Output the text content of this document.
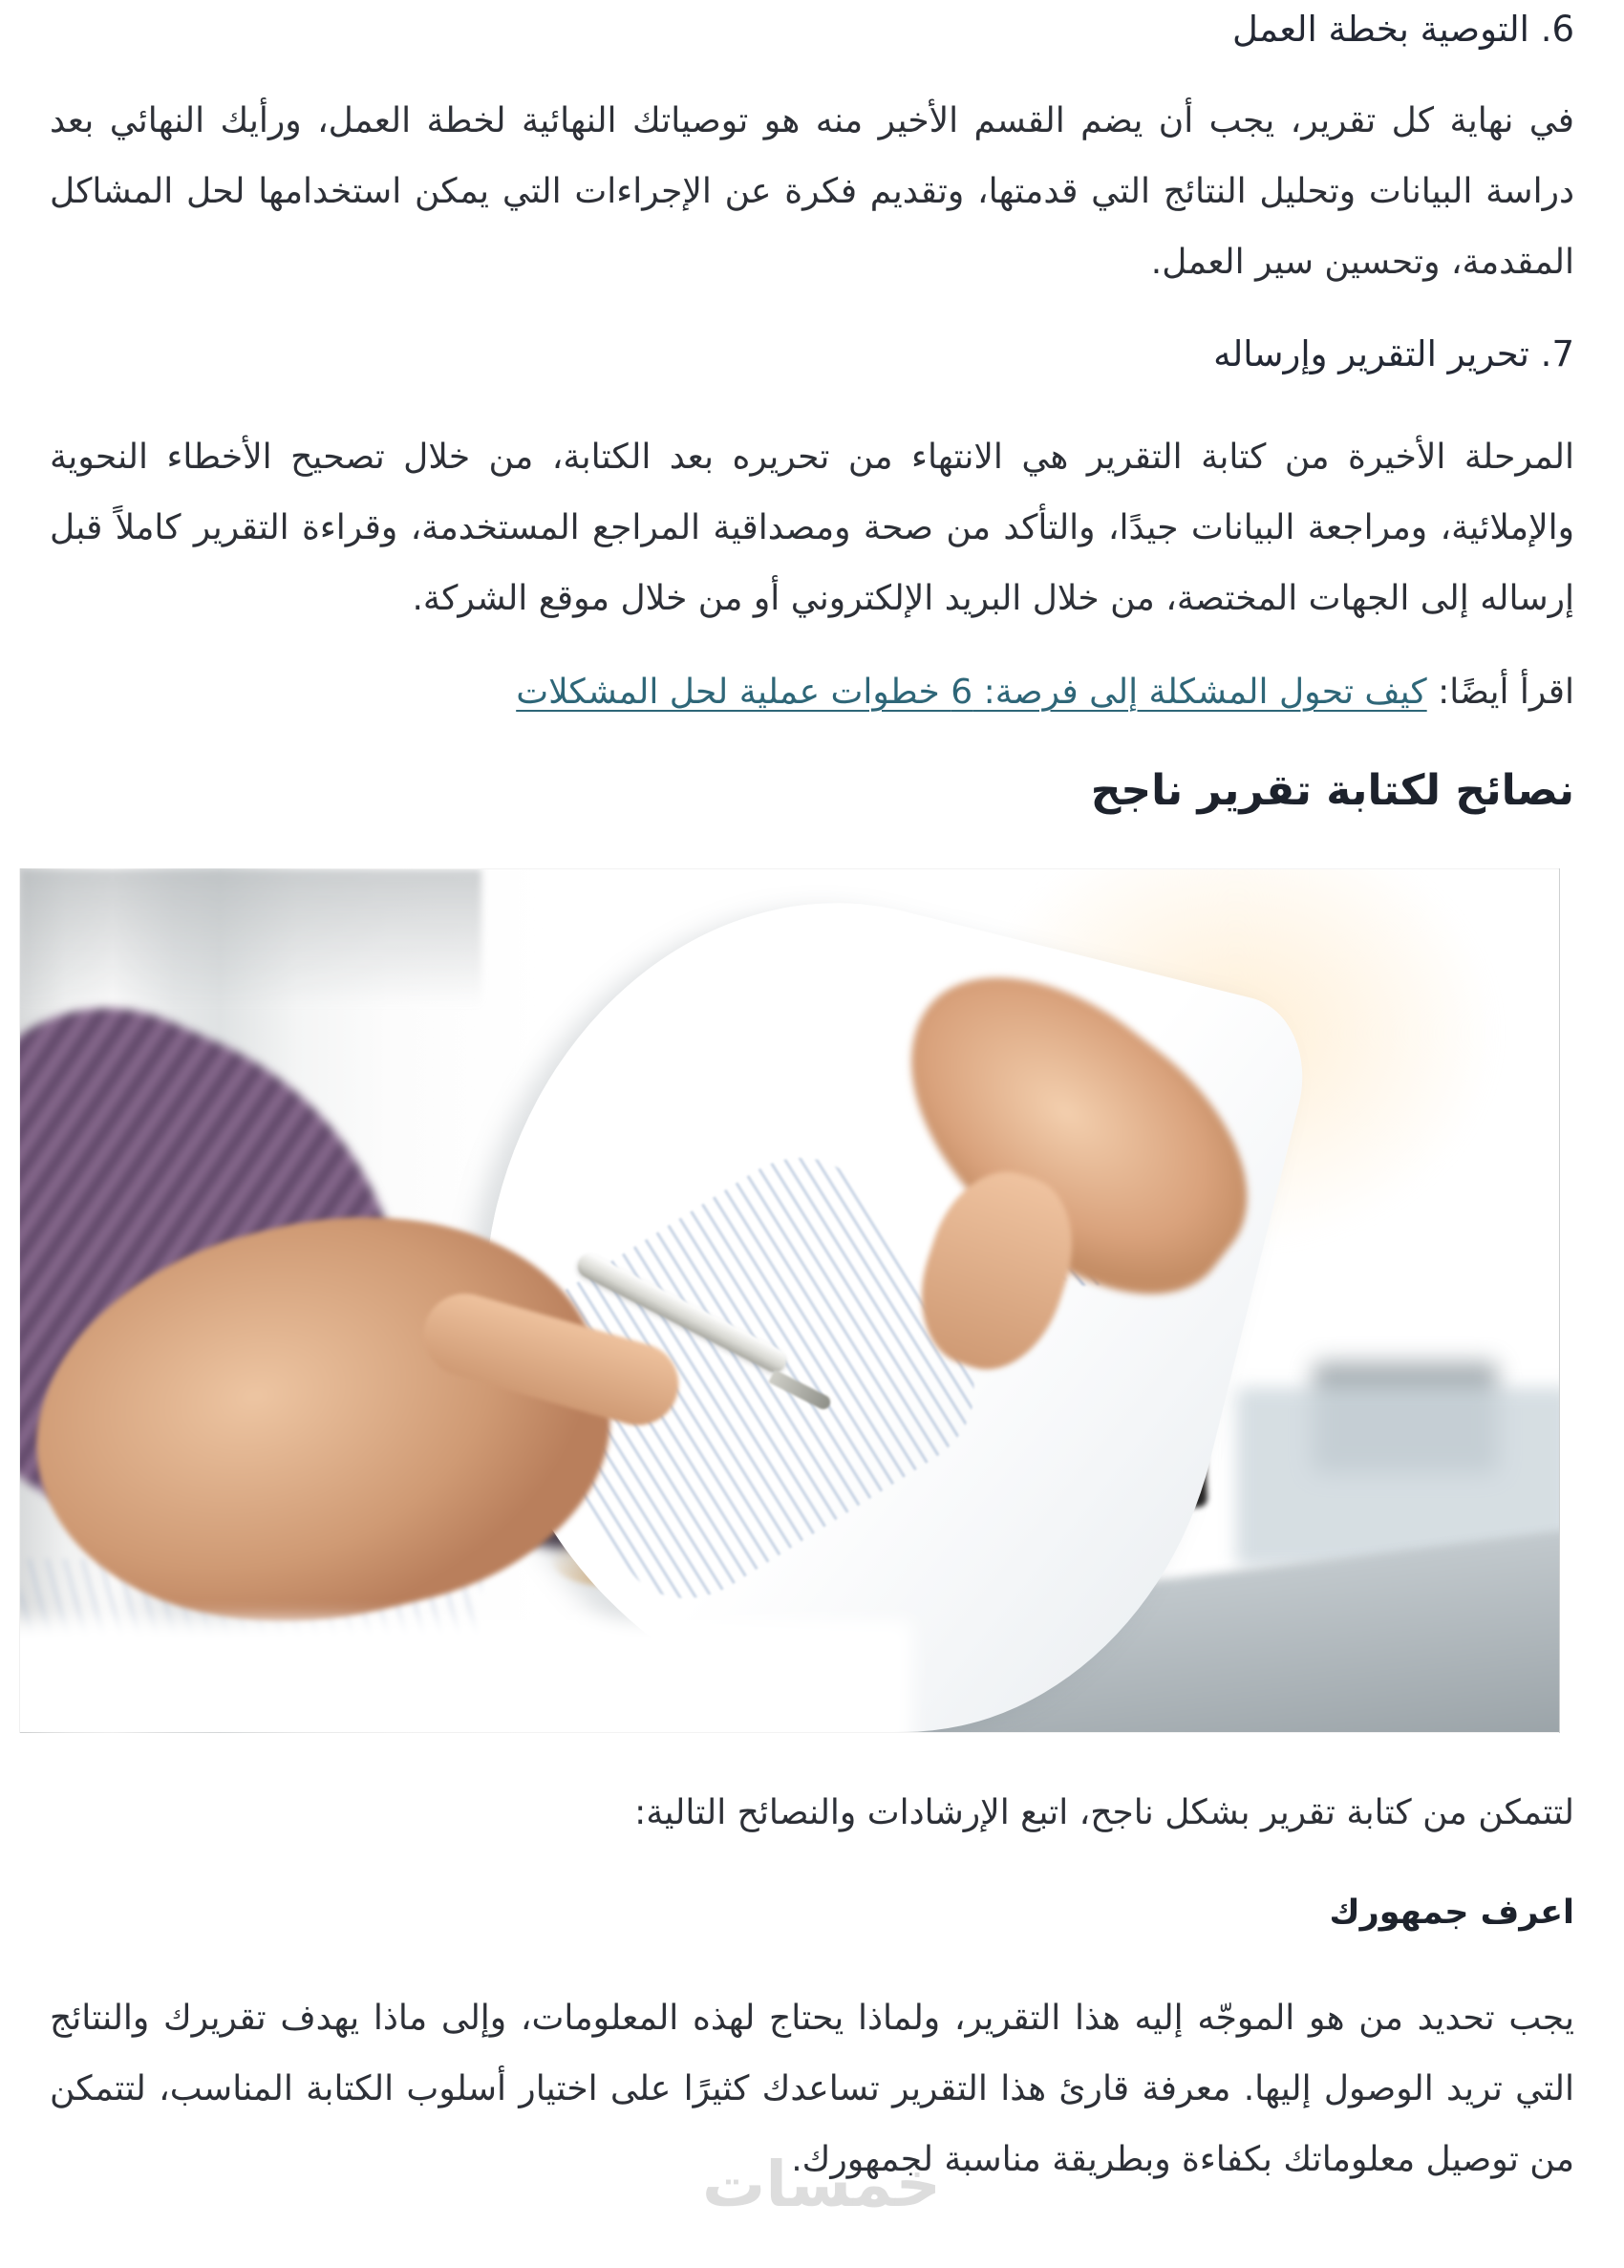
6. التوصية بخطة العمل

في نهاية كل تقرير، يجب أن يضم القسم الأخير منه هو توصياتك النهائية لخطة العمل، ورأيك النهائي بعد دراسة البيانات وتحليل النتائج التي قدمتها، وتقديم فكرة عن الإجراءات التي يمكن استخدامها لحل المشاكل المقدمة، وتحسين سير العمل.

7. تحرير التقرير وإرساله

المرحلة الأخيرة من كتابة التقرير هي الانتهاء من تحريره بعد الكتابة، من خلال تصحيح الأخطاء النحوية والإملائية، ومراجعة البيانات جيدًا، والتأكد من صحة ومصداقية المراجع المستخدمة، وقراءة التقرير كاملاً قبل إرساله إلى الجهات المختصة، من خلال البريد الإلكتروني أو من خلال موقع الشركة.

اقرأ أيضًا: كيف تحول المشكلة إلى فرصة: 6 خطوات عملية لحل المشكلات

نصائح لكتابة تقرير ناجح

لتتمكن من كتابة تقرير بشكل ناجح، اتبع الإرشادات والنصائح التالية:

اعرف جمهورك
خمسات

يجب تحديد من هو الموجّه إليه هذا التقرير، ولماذا يحتاج لهذه المعلومات، وإلى ماذا يهدف تقريرك والنتائج التي تريد الوصول إليها. معرفة قارئ هذا التقرير تساعدك كثيرًا على اختيار أسلوب الكتابة المناسب، لتتمكن من توصيل معلوماتك بكفاءة وبطريقة مناسبة لجمهورك.
